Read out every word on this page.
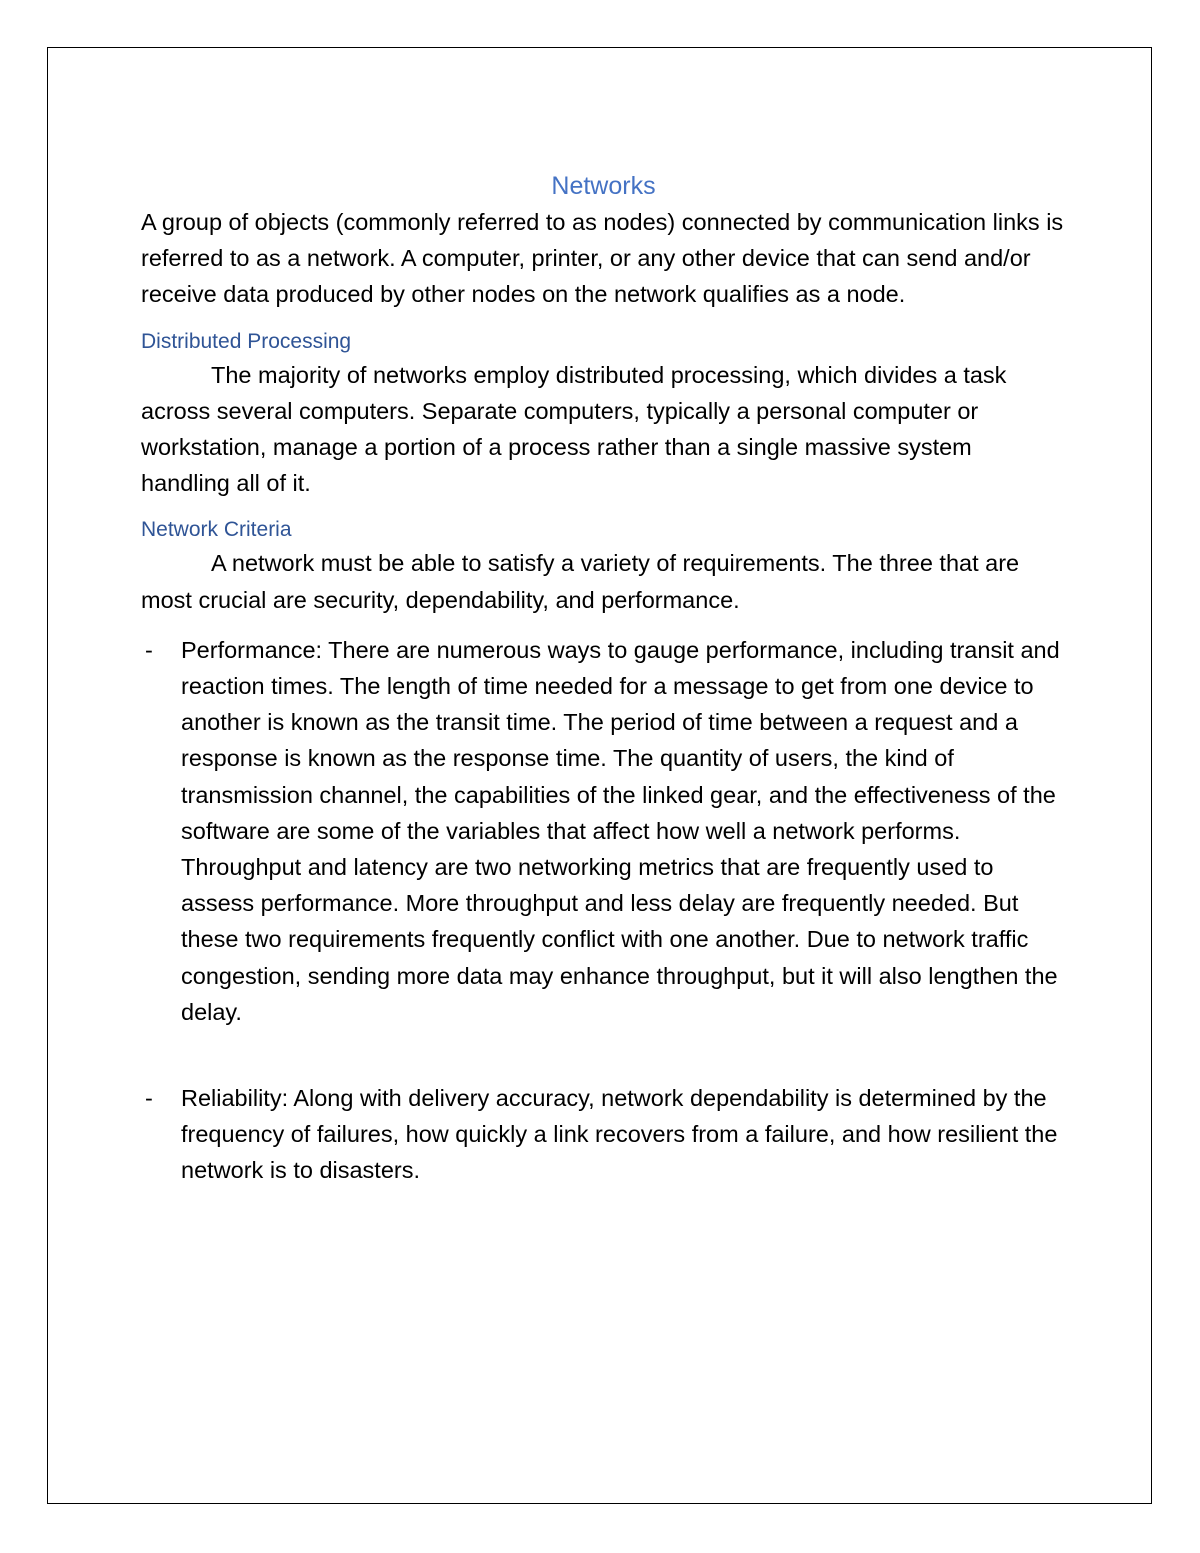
Networks

A group of objects (commonly referred to as nodes) connected by communication links is referred to as a network. A computer, printer, or any other device that can send and/or receive data produced by other nodes on the network qualifies as a node.

Distributed Processing

The majority of networks employ distributed processing, which divides a task across several computers. Separate computers, typically a personal computer or workstation, manage a portion of a process rather than a single massive system handling all of it.

Network Criteria

A network must be able to satisfy a variety of requirements. The three that are most crucial are security, dependability, and performance.

- Performance: There are numerous ways to gauge performance, including transit and reaction times. The length of time needed for a message to get from one device to another is known as the transit time. The period of time between a request and a response is known as the response time. The quantity of users, the kind of transmission channel, the capabilities of the linked gear, and the effectiveness of the software are some of the variables that affect how well a network performs.

Throughput and latency are two networking metrics that are frequently used to assess performance. More throughput and less delay are frequently needed. But these two requirements frequently conflict with one another. Due to network traffic congestion, sending more data may enhance throughput, but it will also lengthen the delay.

- Reliability: Along with delivery accuracy, network dependability is determined by the frequency of failures, how quickly a link recovers from a failure, and how resilient the network is to disasters.
